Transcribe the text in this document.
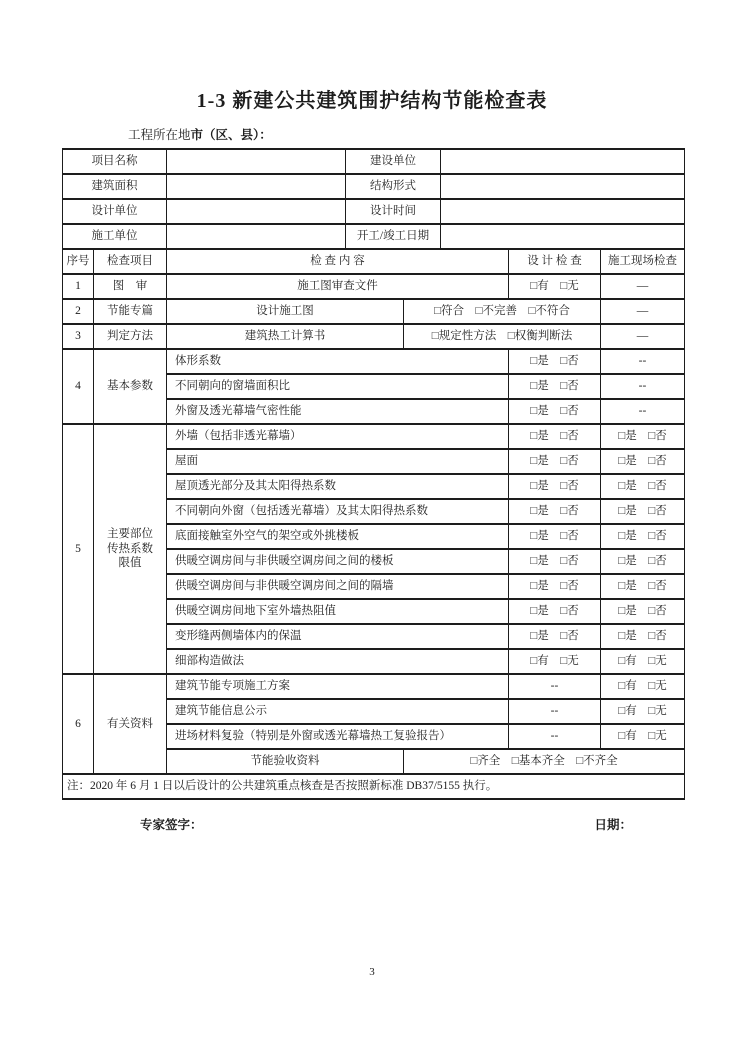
1-3 新建公共建筑围护结构节能检查表
工程所在地市（区、县）：
项目名称		建设单位	
建筑面积		结构形式	
设计单位		设计时间	
施工单位		开工/竣工日期	
序号	检查项目	检 查 内 容		设 计 检 查	施工现场检查
1	图　审	施工图审查文件		□有　□无	—
2	节能专篇	设计施工图	□符合　□不完善　□不符合		—
3	判定方法	建筑热工计算书	□规定性方法　□权衡判断法		—
4	基本参数	体形系数		□是　□否	--
		不同朝向的窗墙面积比		□是　□否	--
		外窗及透光幕墙气密性能		□是　□否	--
5	主要部位传热系数限值	外墙（包括非透光幕墙）		□是　□否	□是　□否
		屋面		□是　□否	□是　□否
		屋顶透光部分及其太阳得热系数		□是　□否	□是　□否
		不同朝向外窗（包括透光幕墙）及其太阳得热系数		□是　□否	□是　□否
		底面接触室外空气的架空或外挑楼板		□是　□否	□是　□否
		供暖空调房间与非供暖空调房间之间的楼板		□是　□否	□是　□否
		供暖空调房间与非供暖空调房间之间的隔墙		□是　□否	□是　□否
		供暖空调房间地下室外墙热阻值		□是　□否	□是　□否
		变形缝两侧墙体内的保温		□是　□否	□是　□否
		细部构造做法		□有　□无	□有　□无
6	有关资料	建筑节能专项施工方案		--	□有　□无
		建筑节能信息公示		--	□有　□无
		进场材料复验（特别是外窗或透光幕墙热工复验报告）		--	□有　□无
		节能验收资料	□齐全　□基本齐全　□不齐全		
注：2020 年 6 月 1 日以后设计的公共建筑重点核查是否按照新标准 DB37/5155 执行。					
专家签字：	日期：
3
